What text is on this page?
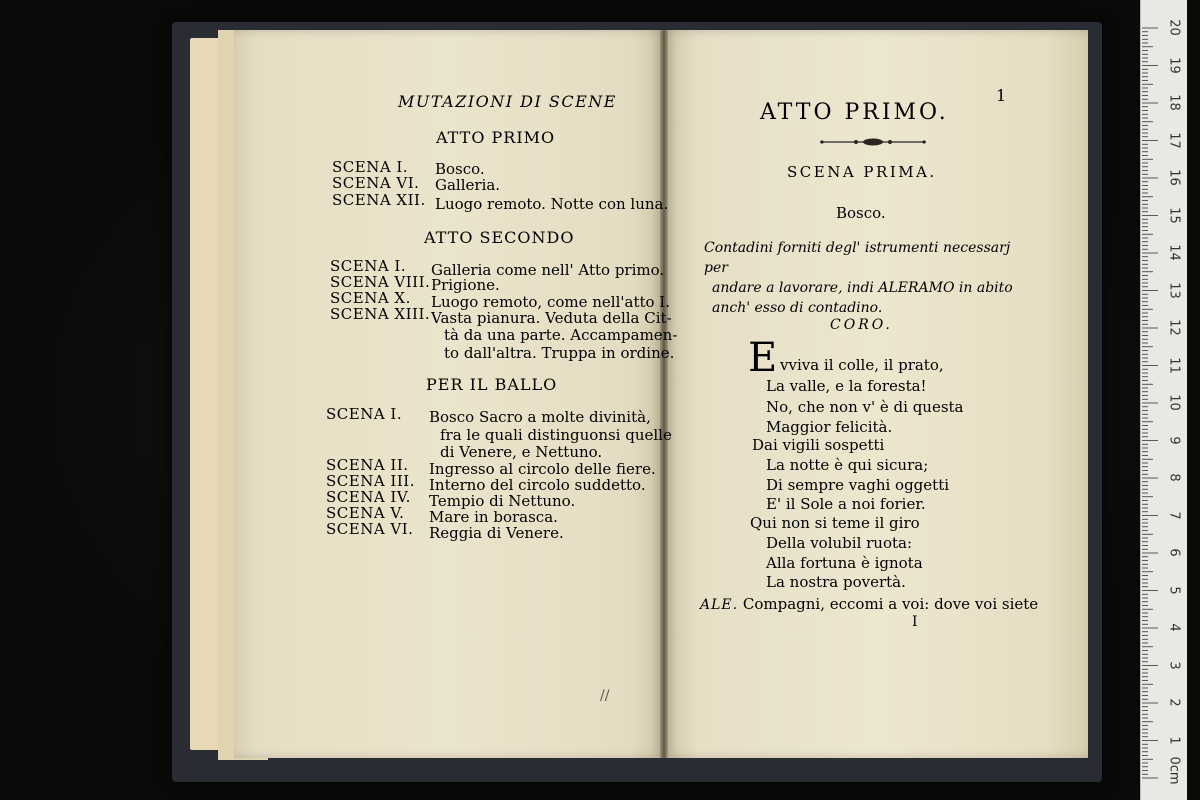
MUTAZIONI DI SCENE
ATTO PRIMO
SCENA I. Bosco.
SCENA VI. Galleria.
SCENA XII. Luogo remoto. Notte con luna.
ATTO SECONDO
SCENA I. Galleria come nell' Atto primo.
SCENA VIII. Prigione.
SCENA X. Luogo remoto, come nell'atto I.
SCENA XIII. Vasta pianura. Veduta della Cit-
tà da una parte. Accampamen-
to dall'altra. Truppa in ordine.
PER IL BALLO
SCENA I. Bosco Sacro a molte divinità,
fra le quali distinguonsi quelle
di Venere, e Nettuno.
SCENA II. Ingresso al circolo delle fiere.
SCENA III. Interno del circolo suddetto.
SCENA IV. Tempio di Nettuno.
SCENA V. Mare in borasca.
SCENA VI. Reggia di Venere.
//
1
ATTO PRIMO.
SCENA PRIMA.
Bosco.
Contadini forniti degl' istrumenti necessarj per
andare a lavorare, indi ALERAMO in abito
anch' esso di contadino.
CORO.
E vviva il colle, il prato,
La valle, e la foresta!
No, che non v' è di questa
Maggior felicità.
Dai vigili sospetti
La notte è qui sicura;
Di sempre vaghi oggetti
E' il Sole a noi forier.
Qui non si teme il giro
Della volubil ruota:
Alla fortuna è ignota
La nostra povertà.
ALE. Compagni, eccomi a voi: dove voi siete
I
0cm
1
2
3
4
5
6
7
8
9
10
11
12
13
14
15
16
17
18
19
20
